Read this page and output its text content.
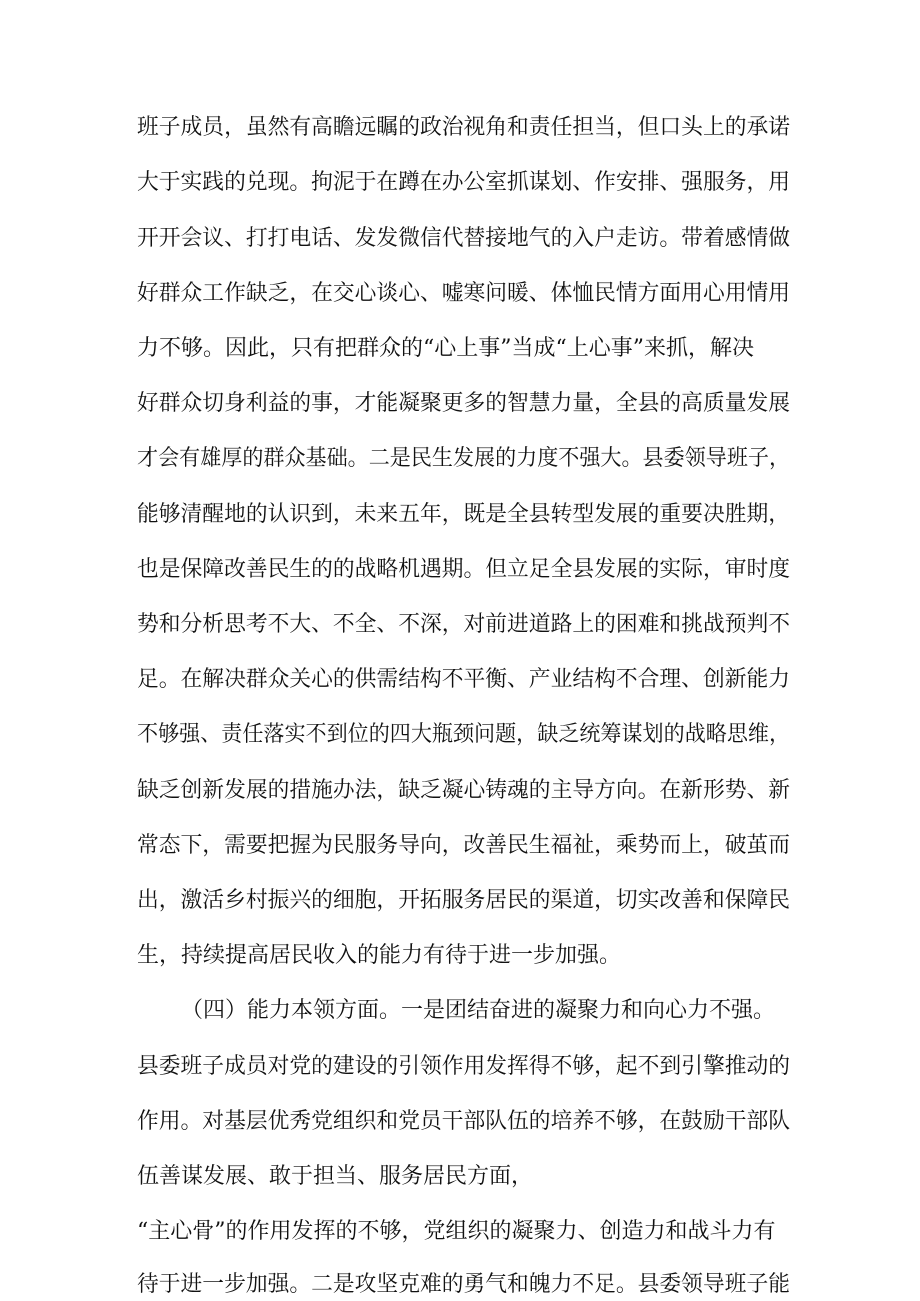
班子成员，虽然有高瞻远瞩的政治视角和责任担当，但口头上的承诺

大于实践的兑现。拘泥于在蹲在办公室抓谋划、作安排、强服务，用

开开会议、打打电话、发发微信代替接地气的入户走访。带着感情做

好群众工作缺乏，在交心谈心、嘘寒问暖、体恤民情方面用心用情用

力不够。因此，只有把群众的“心上事”当成“上心事”来抓，解决

好群众切身利益的事，才能凝聚更多的智慧力量，全县的高质量发展

才会有雄厚的群众基础。二是民生发展的力度不强大。县委领导班子，

能够清醒地的认识到，未来五年，既是全县转型发展的重要决胜期，

也是保障改善民生的的战略机遇期。但立足全县发展的实际，审时度

势和分析思考不大、不全、不深，对前进道路上的困难和挑战预判不

足。在解决群众关心的供需结构不平衡、产业结构不合理、创新能力

不够强、责任落实不到位的四大瓶颈问题，缺乏统筹谋划的战略思维，

缺乏创新发展的措施办法，缺乏凝心铸魂的主导方向。在新形势、新

常态下，需要把握为民服务导向，改善民生福祉，乘势而上，破茧而

出，激活乡村振兴的细胞，开拓服务居民的渠道，切实改善和保障民

生，持续提高居民收入的能力有待于进一步加强。

（四）能力本领方面。一是团结奋进的凝聚力和向心力不强。

县委班子成员对党的建设的引领作用发挥得不够，起不到引擎推动的

作用。对基层优秀党组织和党员干部队伍的培养不够，在鼓励干部队

伍善谋发展、敢于担当、服务居民方面，

“主心骨”的作用发挥的不够，党组织的凝聚力、创造力和战斗力有

待于进一步加强。二是攻坚克难的勇气和魄力不足。县委领导班子能
